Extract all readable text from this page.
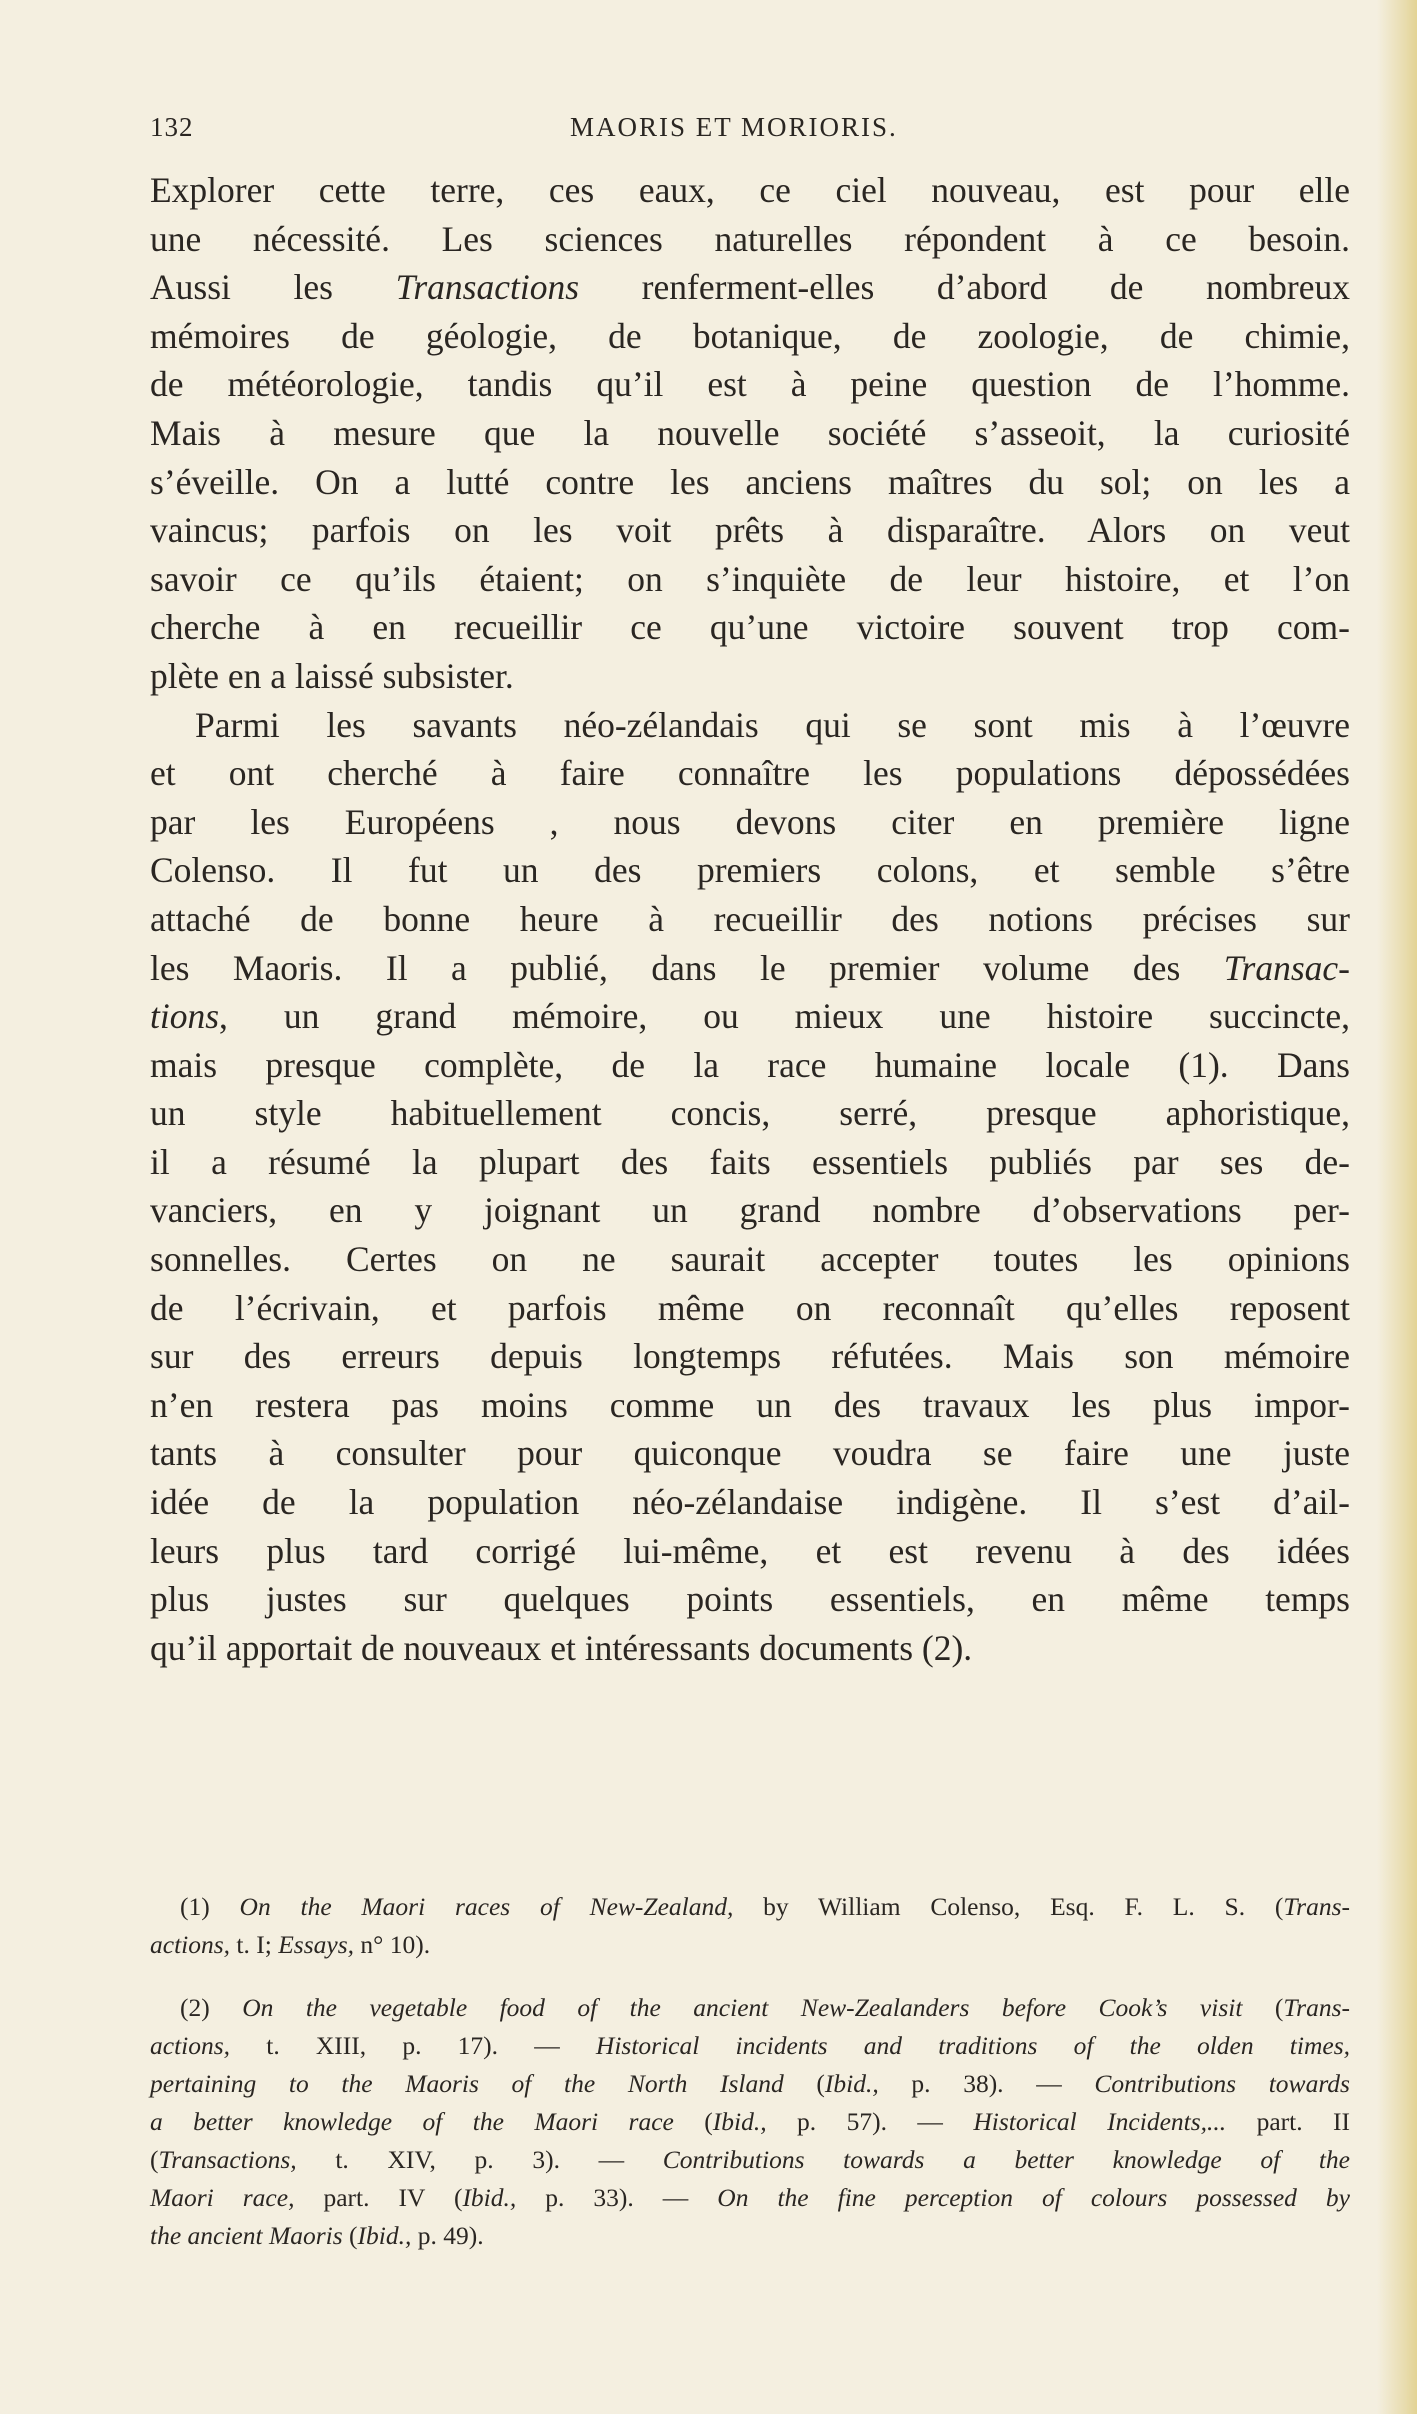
132	MAORIS ET MORIORIS.

Explorer cette terre, ces eaux, ce ciel nouveau, est pour elle
une nécessité. Les sciences naturelles répondent à ce besoin.
Aussi les Transactions renferment-elles d’abord de nombreux
mémoires de géologie, de botanique, de zoologie, de chimie,
de météorologie, tandis qu’il est à peine question de l’homme.
Mais à mesure que la nouvelle société s’asseoit, la curiosité
s’éveille. On a lutté contre les anciens maîtres du sol; on les a
vaincus; parfois on les voit prêts à disparaître. Alors on veut
savoir ce qu’ils étaient; on s’inquiète de leur histoire, et l’on
cherche à en recueillir ce qu’une victoire souvent trop com-
plète en a laissé subsister.

Parmi les savants néo-zélandais qui se sont mis à l’œuvre
et ont cherché à faire connaître les populations dépossédées
par les Européens , nous devons citer en première ligne
Colenso. Il fut un des premiers colons, et semble s’être
attaché de bonne heure à recueillir des notions précises sur
les Maoris. Il a publié, dans le premier volume des Transac-
tions, un grand mémoire, ou mieux une histoire succincte,
mais presque complète, de la race humaine locale (1). Dans
un style habituellement concis, serré, presque aphoristique,
il a résumé la plupart des faits essentiels publiés par ses de-
vanciers, en y joignant un grand nombre d’observations per-
sonnelles. Certes on ne saurait accepter toutes les opinions
de l’écrivain, et parfois même on reconnaît qu’elles reposent
sur des erreurs depuis longtemps réfutées. Mais son mémoire
n’en restera pas moins comme un des travaux les plus impor-
tants à consulter pour quiconque voudra se faire une juste
idée de la population néo-zélandaise indigène. Il s’est d’ail-
leurs plus tard corrigé lui-même, et est revenu à des idées
plus justes sur quelques points essentiels, en même temps
qu’il apportait de nouveaux et intéressants documents (2).

(1) On the Maori races of New-Zealand, by William Colenso, Esq. F. L. S. (Trans-
actions, t. I; Essays, n° 10).

(2) On the vegetable food of the ancient New-Zealanders before Cook’s visit (Trans-
actions, t. XIII, p. 17). — Historical incidents and traditions of the olden times,
pertaining to the Maoris of the North Island (Ibid., p. 38). — Contributions towards
a better knowledge of the Maori race (Ibid., p. 57). — Historical Incidents,... part. II
(Transactions, t. XIV, p. 3). — Contributions towards a better knowledge of the
Maori race, part. IV (Ibid., p. 33). — On the fine perception of colours possessed by
the ancient Maoris (Ibid., p. 49).
